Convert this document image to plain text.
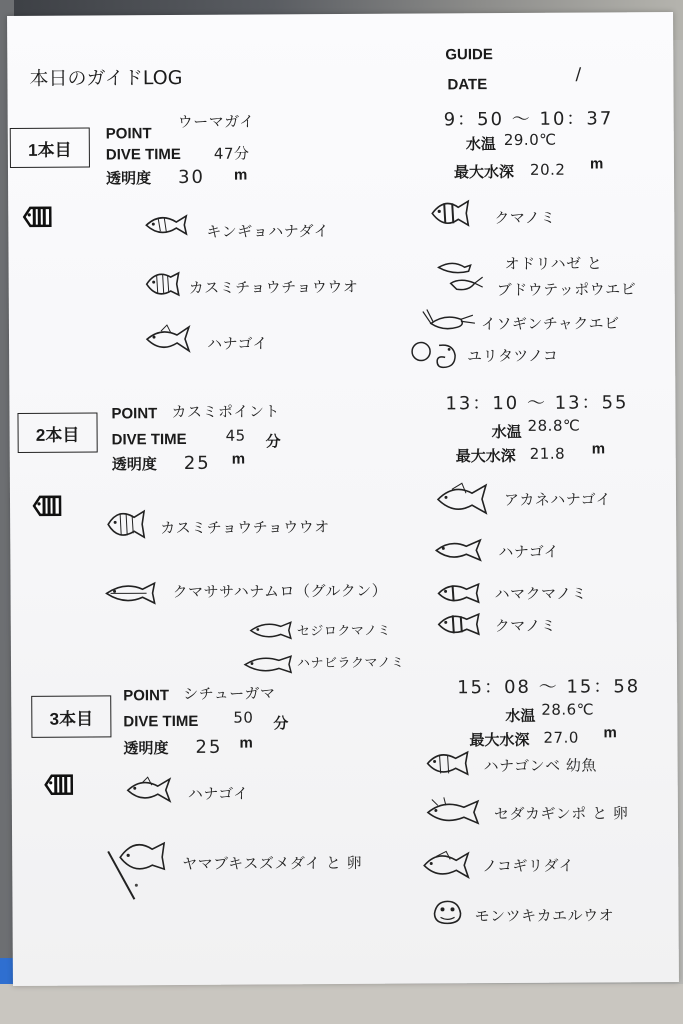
本日のガイドLOG
GUIDE
DATE
/
1本目
POINT
ウーマガイ
DIVE TIME 47分
透明度 30 m
9：50 〜 10：37
水温 29.0℃
最大水深 20.2 m
キンギョハナダイ
カスミチョウチョウウオ
ハナゴイ
クマノミ
オドリハゼ と
ブドウテッポウエビ
イソギンチャクエビ
ユリタツノコ
2本目
POINT カスミポイント
DIVE TIME	45 分
透明度 25 m
13：10 〜 13：55
水温 28.8℃
最大水深 21.8 m
カスミチョウチョウウオ
クマササハナムロ（グルクン）
セジロクマノミ
ハナビラクマノミ
アカネハナゴイ
ハナゴイ
ハマクマノミ
クマノミ
3本目
POINT シチューガマ
DIVE TIME 50 分
透明度 25 m
15：08 〜 15：58
水温 28.6℃
最大水深 27.0 m
ハナゴイ
ヤマブキスズメダイ と 卵
ハナゴンベ 幼魚
セダカギンポ と 卵
ノコギリダイ
モンツキカエルウオ
